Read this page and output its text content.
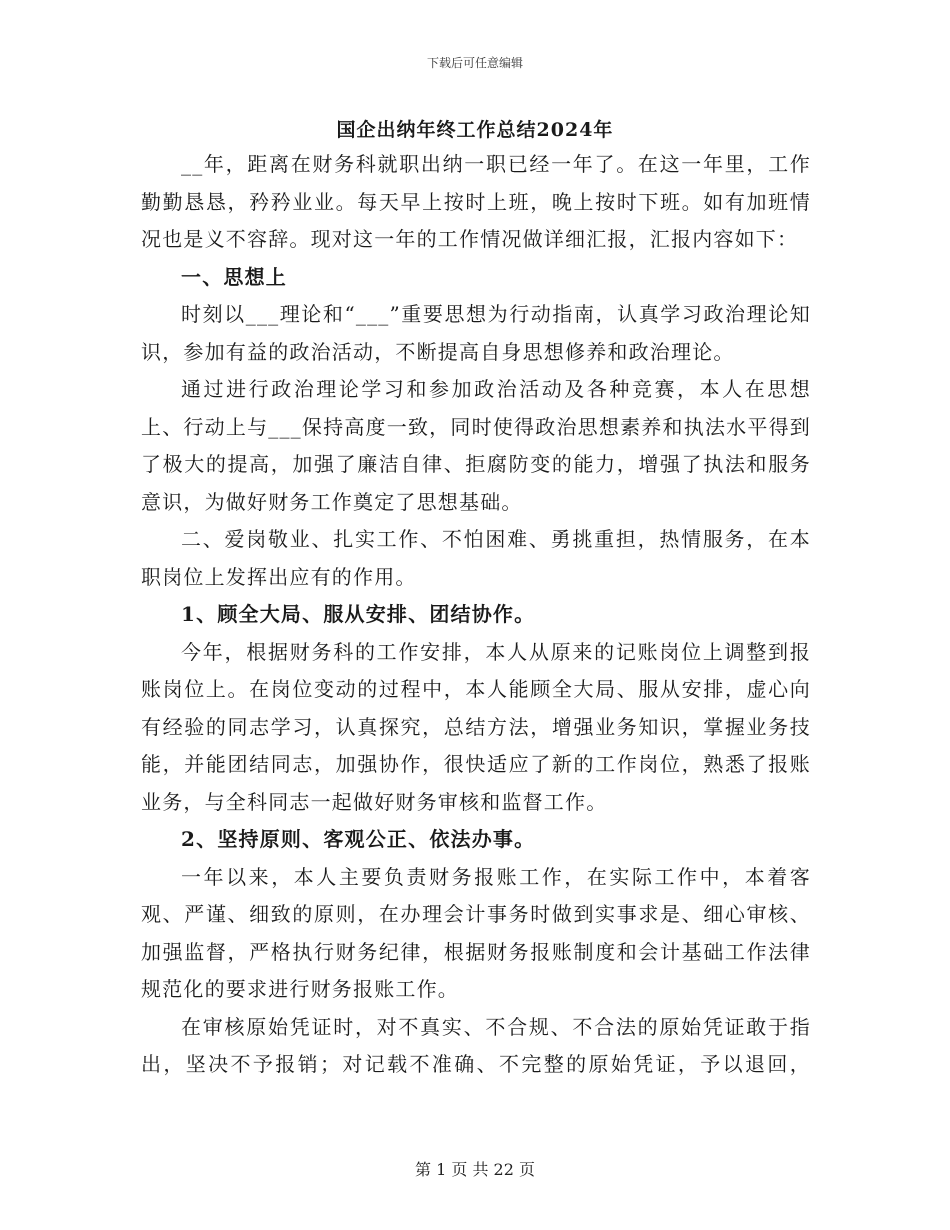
下载后可任意编辑
国企出纳年终工作总结2024年

__年，距离在财务科就职出纳一职已经一年了。在这一年里，工作勤勤恳恳，矜矜业业。每天早上按时上班，晚上按时下班。如有加班情况也是义不容辞。现对这一年的工作情况做详细汇报，汇报内容如下：

一、思想上

时刻以___理论和“___”重要思想为行动指南，认真学习政治理论知识，参加有益的政治活动，不断提高自身思想修养和政治理论。

通过进行政治理论学习和参加政治活动及各种竞赛，本人在思想上、行动上与___保持高度一致，同时使得政治思想素养和执法水平得到了极大的提高，加强了廉洁自律、拒腐防变的能力，增强了执法和服务意识，为做好财务工作奠定了思想基础。

二、爱岗敬业、扎实工作、不怕困难、勇挑重担，热情服务，在本职岗位上发挥出应有的作用。

1、顾全大局、服从安排、团结协作。

今年，根据财务科的工作安排，本人从原来的记账岗位上调整到报账岗位上。在岗位变动的过程中，本人能顾全大局、服从安排，虚心向有经验的同志学习，认真探究，总结方法，增强业务知识，掌握业务技能，并能团结同志，加强协作，很快适应了新的工作岗位，熟悉了报账业务，与全科同志一起做好财务审核和监督工作。

2、坚持原则、客观公正、依法办事。

一年以来，本人主要负责财务报账工作，在实际工作中，本着客观、严谨、细致的原则，在办理会计事务时做到实事求是、细心审核、加强监督，严格执行财务纪律，根据财务报账制度和会计基础工作法律规范化的要求进行财务报账工作。

在审核原始凭证时，对不真实、不合规、不合法的原始凭证敢于指出，坚决不予报销；对记载不准确、不完整的原始凭证，予以退回，

第 1 页 共 22 页
